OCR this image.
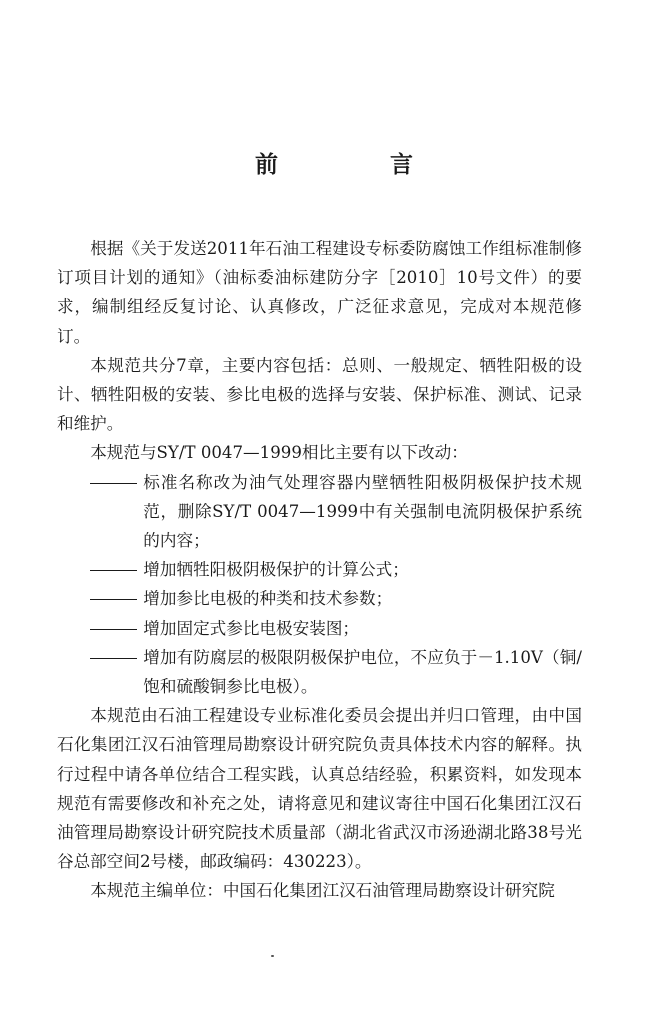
前 言

根据《关于发送2011年石油工程建设专标委防腐蚀工作组标准制修订项目计划的通知》（油标委油标建防分字［2010］10号文件）的要求，编制组经反复讨论、认真修改，广泛征求意见，完成对本规范修订。

本规范共分7章，主要内容包括：总则、一般规定、牺牲阳极的设计、牺牲阳极的安装、参比电极的选择与安装、保护标准、测试、记录和维护。

本规范与SY/T 0047—1999相比主要有以下改动：

标准名称改为油气处理容器内壁牺牲阳极阴极保护技术规范，删除SY/T 0047—1999中有关强制电流阴极保护系统的内容；
增加牺牲阳极阴极保护的计算公式；
增加参比电极的种类和技术参数；
增加固定式参比电极安装图；
增加有防腐层的极限阴极保护电位，不应负于－1.10V（铜/饱和硫酸铜参比电极）。

本规范由石油工程建设专业标准化委员会提出并归口管理，由中国石化集团江汉石油管理局勘察设计研究院负责具体技术内容的解释。执行过程中请各单位结合工程实践，认真总结经验，积累资料，如发现本规范有需要修改和补充之处，请将意见和建议寄往中国石化集团江汉石油管理局勘察设计研究院技术质量部（湖北省武汉市汤逊湖北路38号光谷总部空间2号楼，邮政编码：430223）。

本规范主编单位：中国石化集团江汉石油管理局勘察设计研究院
